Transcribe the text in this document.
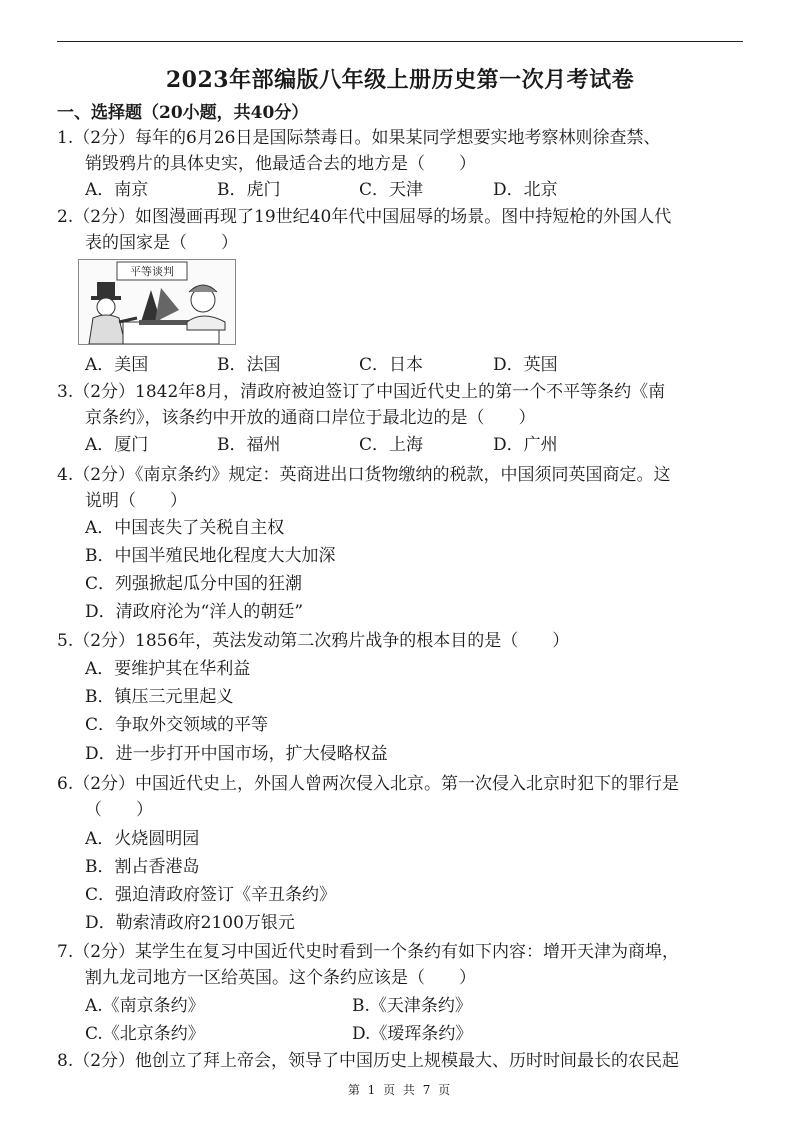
2023年部编版八年级上册历史第一次月考试卷
一、选择题（20小题，共40分）
1.（2分）每年的6月26日是国际禁毒日。如果某同学想要实地考察林则徐查禁、
销毁鸦片的具体史实，他最适合去的地方是（　　）
A．南京	B．虎门	C．天津	D．北京
2.（2分）如图漫画再现了19世纪40年代中国屈辱的场景。图中持短枪的外国人代
表的国家是（　　）
平等谈判
A．美国	B．法国	C．日本	D．英国
3.（2分）1842年8月，清政府被迫签订了中国近代史上的第一个不平等条约《南
京条约》，该条约中开放的通商口岸位于最北边的是（　　）
A．厦门	B．福州	C．上海	D．广州
4.（2分）《南京条约》规定：英商进出口货物缴纳的税款，中国须同英国商定。这
说明（　　）
A．中国丧失了关税自主权
B．中国半殖民地化程度大大加深
C．列强掀起瓜分中国的狂潮
D．清政府沦为“洋人的朝廷”
5.（2分）1856年，英法发动第二次鸦片战争的根本目的是（　　）
A．要维护其在华利益
B．镇压三元里起义
C．争取外交领域的平等
D．进一步打开中国市场，扩大侵略权益
6.（2分）中国近代史上，外国人曾两次侵入北京。第一次侵入北京时犯下的罪行是
（　　）
A．火烧圆明园
B．割占香港岛
C．强迫清政府签订《辛丑条约》
D．勒索清政府2100万银元
7.（2分）某学生在复习中国近代史时看到一个条约有如下内容：增开天津为商埠，
割九龙司地方一区给英国。这个条约应该是（　　）
A.《南京条约》	B.《天津条约》
C.《北京条约》	D.《瑷珲条约》
8.（2分）他创立了拜上帝会，领导了中国历史上规模最大、历时时间最长的农民起
第 1 页 共 7 页
